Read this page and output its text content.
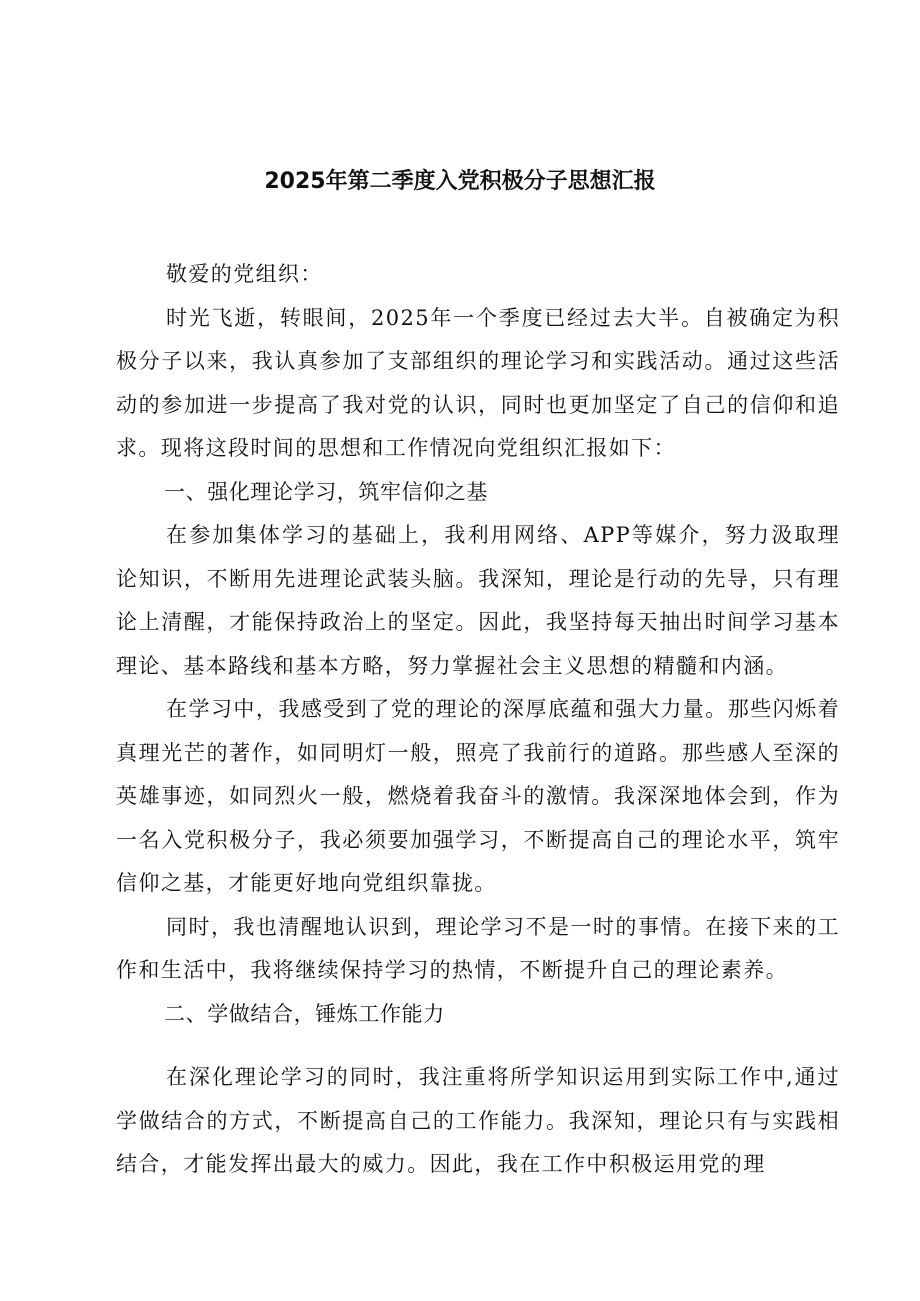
2025年第二季度入党积极分子思想汇报

敬爱的党组织：

时光飞逝，转眼间，2025年一个季度已经过去大半。自被确定为积极分子以来，我认真参加了支部组织的理论学习和实践活动。通过这些活动的参加进一步提高了我对党的认识，同时也更加坚定了自己的信仰和追求。现将这段时间的思想和工作情况向党组织汇报如下：

一、强化理论学习，筑牢信仰之基

在参加集体学习的基础上，我利用网络、APP等媒介，努力汲取理论知识，不断用先进理论武装头脑。我深知，理论是行动的先导，只有理论上清醒，才能保持政治上的坚定。因此，我坚持每天抽出时间学习基本理论、基本路线和基本方略，努力掌握社会主义思想的精髓和内涵。

在学习中，我感受到了党的理论的深厚底蕴和强大力量。那些闪烁着真理光芒的著作，如同明灯一般，照亮了我前行的道路。那些感人至深的英雄事迹，如同烈火一般，燃烧着我奋斗的激情。我深深地体会到，作为一名入党积极分子，我必须要加强学习，不断提高自己的理论水平，筑牢信仰之基，才能更好地向党组织靠拢。

同时，我也清醒地认识到，理论学习不是一时的事情。在接下来的工作和生活中，我将继续保持学习的热情，不断提升自己的理论素养。

二、学做结合，锤炼工作能力

在深化理论学习的同时，我注重将所学知识运用到实际工作中,通过学做结合的方式，不断提高自己的工作能力。我深知，理论只有与实践相结合，才能发挥出最大的威力。因此，我在工作中积极运用党的理
